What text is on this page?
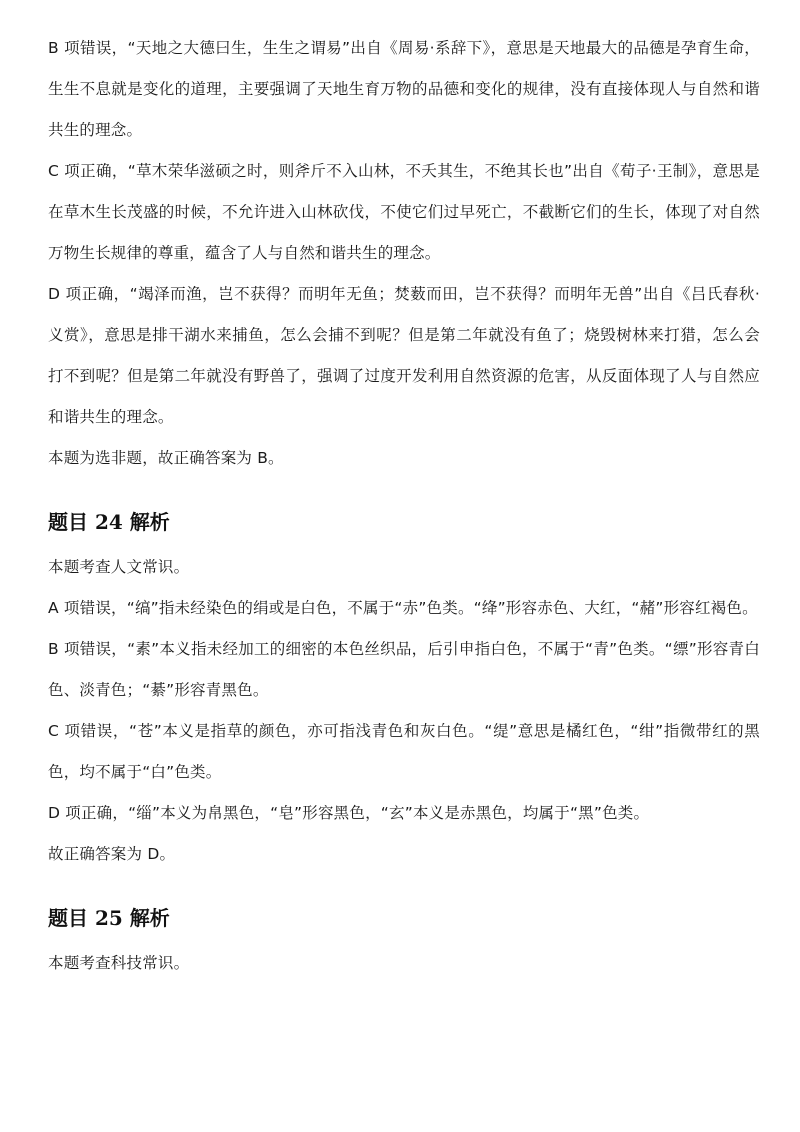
B 项错误，“天地之大德曰生，生生之谓易”出自《周易·系辞下》，意思是天地最大的品德是孕育生命，生生不息就是变化的道理，主要强调了天地生育万物的品德和变化的规律，没有直接体现人与自然和谐共生的理念。

C 项正确，“草木荣华滋硕之时，则斧斤不入山林，不夭其生，不绝其长也”出自《荀子·王制》，意思是在草木生长茂盛的时候，不允许进入山林砍伐，不使它们过早死亡，不截断它们的生长，体现了对自然万物生长规律的尊重，蕴含了人与自然和谐共生的理念。

D 项正确，“竭泽而渔，岂不获得？而明年无鱼；焚薮而田，岂不获得？而明年无兽”出自《吕氏春秋·义赏》，意思是排干湖水来捕鱼，怎么会捕不到呢？但是第二年就没有鱼了；烧毁树林来打猎，怎么会打不到呢？但是第二年就没有野兽了，强调了过度开发利用自然资源的危害，从反面体现了人与自然应和谐共生的理念。

本题为选非题，故正确答案为 B。

题目 24 解析

本题考查人文常识。

A 项错误，“缟”指未经染色的绢或是白色，不属于“赤”色类。“绛”形容赤色、大红，“赭”形容红褐色。

B 项错误，“素”本义指未经加工的细密的本色丝织品，后引申指白色，不属于“青”色类。“缥”形容青白色、淡青色；“綦”形容青黑色。

C 项错误，“苍”本义是指草的颜色，亦可指浅青色和灰白色。“缇”意思是橘红色，“绀”指微带红的黑色，均不属于“白”色类。

D 项正确，“缁”本义为帛黑色，“皂”形容黑色，“玄”本义是赤黑色，均属于“黑”色类。

故正确答案为 D。

题目 25 解析

本题考查科技常识。
